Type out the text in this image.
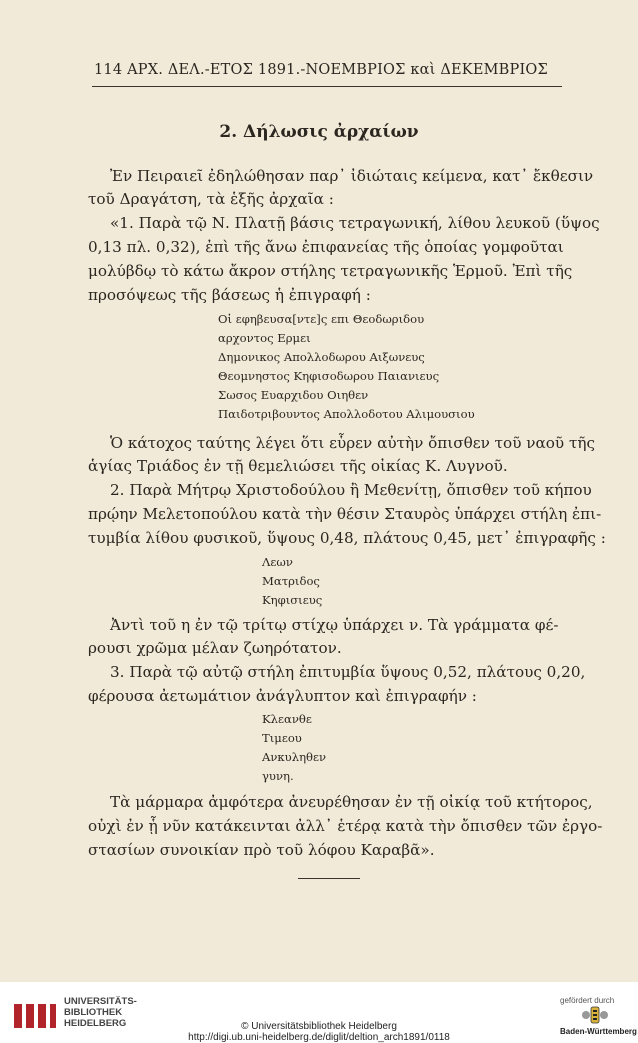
114 ΑΡΧ. ΔΕΛ.-ΕΤΟΣ 1891.-ΝΟΕΜΒΡΙΟΣ καὶ ΔΕΚΕΜΒΡΙΟΣ
2. Δήλωσις ἀρχαίων
Ἐν Πειραιεῖ ἐδηλώθησαν παρ᾿ ἰδιώταις κείμενα, κατ᾿ ἔκθεσιν
τοῦ Δραγάτση, τὰ ἑξῆς ἀρχαῖα :
«1. Παρὰ τῷ Ν. Πλατῇ βάσις τετραγωνική, λίθου λευκοῦ (ὕψος
0,13 πλ. 0,32), ἐπὶ τῆς ἄνω ἐπιφανείας τῆς ὁποίας γομφοῦται
μολύβδῳ τὸ κάτω ἄκρον στήλης τετραγωνικῆς Ἑρμοῦ. Ἐπὶ τῆς
προσόψεως τῆς βάσεως ἡ ἐπιγραφή :
Οἱ εφηβευσα[ντε]ς επι Θεοδωριδου
αρχοντος Ερμει
Δημονικος Απολλοδωρου Αιξωνευς
Θεομνηστος Κηφισοδωρου Παιανιευς
Σωσος Ευαρχιδου Οιηθεν
Παιδοτριβουντος Απολλοδοτου Αλιμουσιου
Ὁ κάτοχος ταύτης λέγει ὅτι εὗρεν αὐτὴν ὄπισθεν τοῦ ναοῦ τῆς
ἁγίας Τριάδος ἐν τῇ θεμελιώσει τῆς οἰκίας Κ. Λυγνοῦ.
2. Παρὰ Μήτρῳ Χριστοδούλου ἢ Μεθενίτῃ, ὄπισθεν τοῦ κήπου
πρῴην Μελετοπούλου κατὰ τὴν θέσιν Σταυρὸς ὑπάρχει στήλη ἐπι-
τυμβία λίθου φυσικοῦ, ὕψους 0,48, πλάτους 0,45, μετ᾿ ἐπιγραφῆς :
Λεων
Ματριδος
Κηφισιευς
Ἀντὶ τοῦ η ἐν τῷ τρίτῳ στίχῳ ὑπάρχει ν. Τὰ γράμματα φέ-
ρουσι χρῶμα μέλαν ζωηρότατον.
3. Παρὰ τῷ αὐτῷ στήλη ἐπιτυμβία ὕψους 0,52, πλάτους 0,20,
φέρουσα ἀετωμάτιον ἀνάγλυπτον καὶ ἐπιγραφήν :
Κλεανθε
Τιμεου
Ανκυληθεν
γυνη.
Τὰ μάρμαρα ἀμφότερα ἀνευρέθησαν ἐν τῇ οἰκίᾳ τοῦ κτήτορος,
οὐχὶ ἐν ᾗ νῦν κατάκεινται ἀλλ᾿ ἑτέρᾳ κατὰ τὴν ὄπισθεν τῶν ἐργο-
στασίων συνοικίαν πρὸ τοῦ λόφου Καραβᾶ».
UNIVERSITÄTS-
BIBLIOTHEK
HEIDELBERG	© Universitätsbibliothek Heidelberg
http://digi.ub.uni-heidelberg.de/diglit/deltion_arch1891/0118
gefördert durch
Baden-Württemberg
